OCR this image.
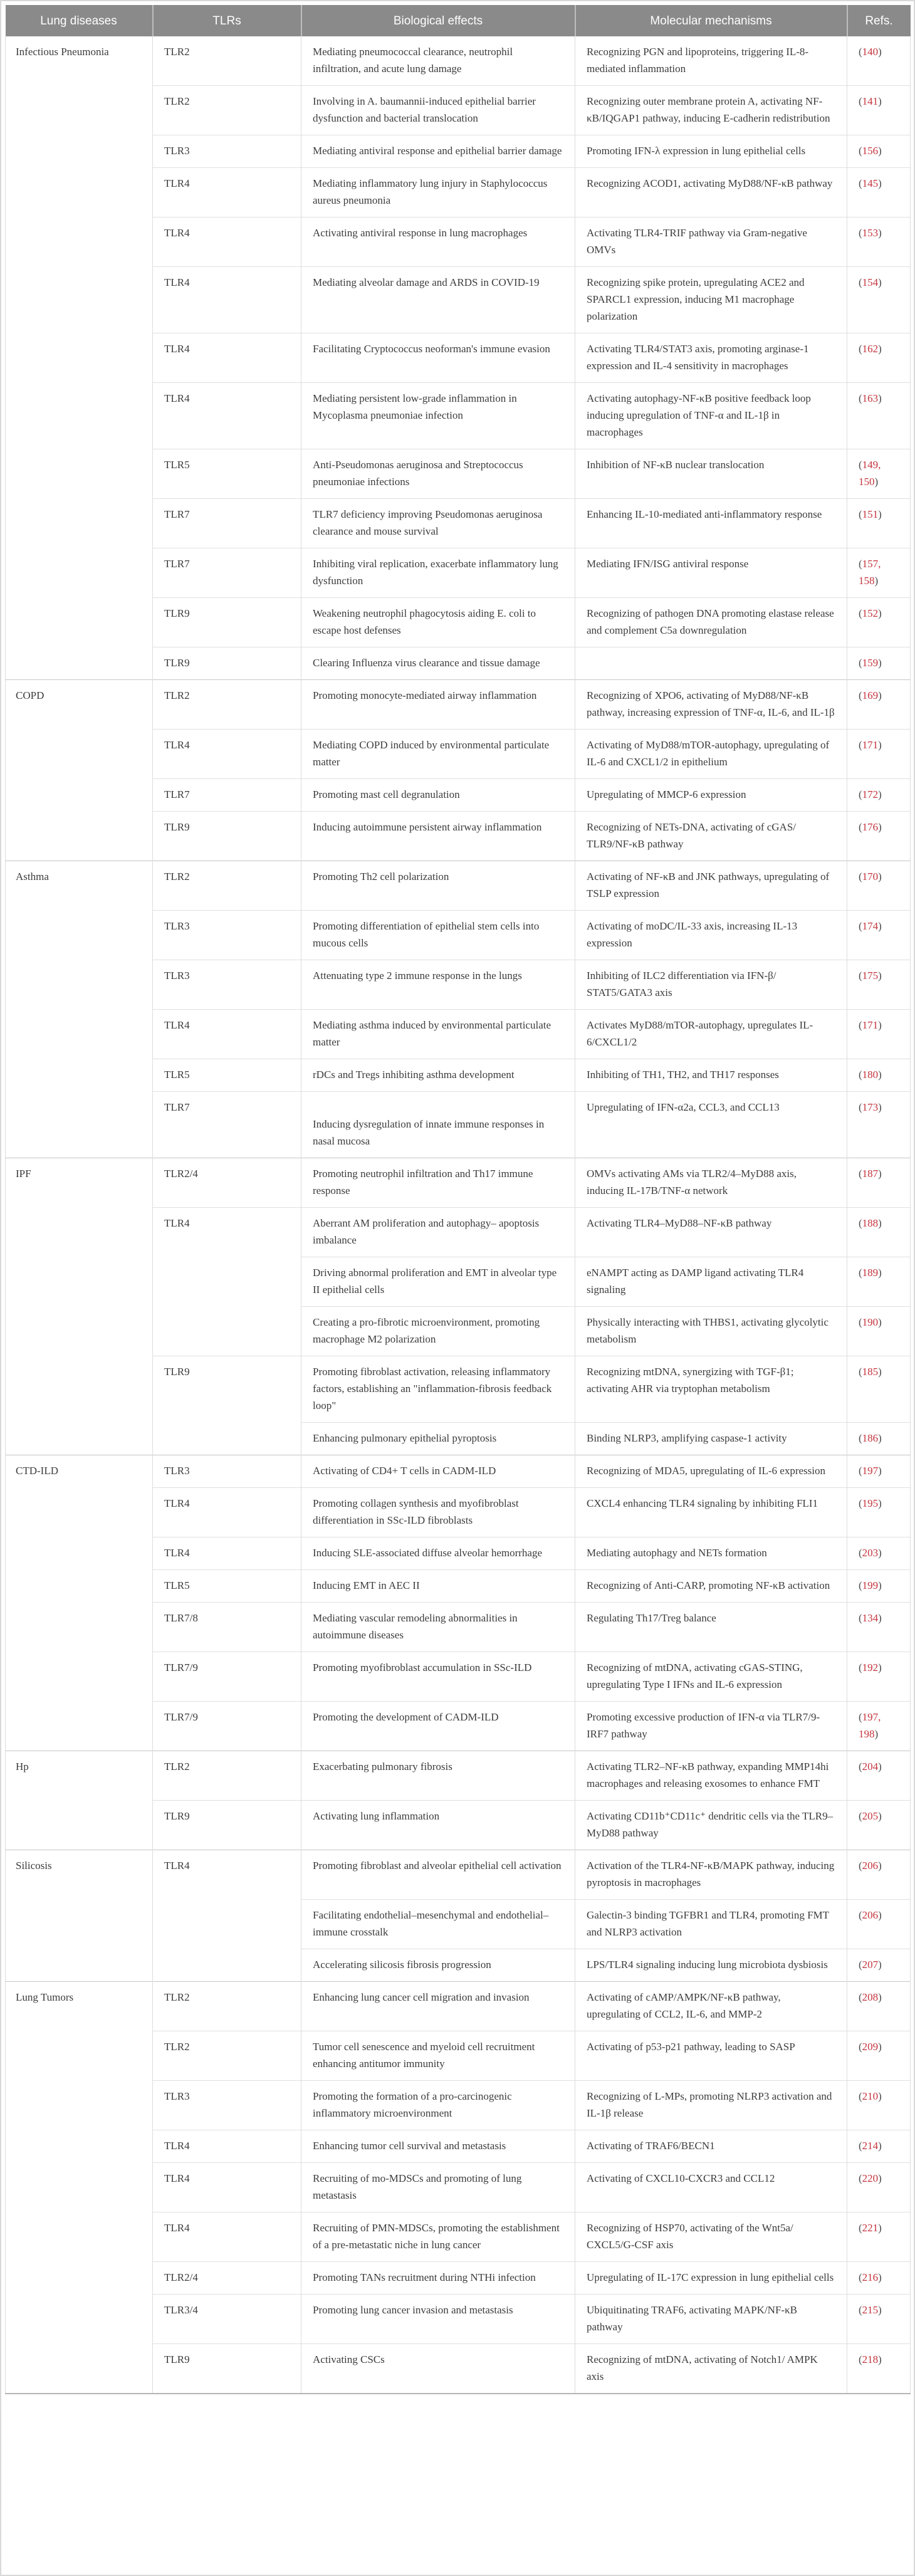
Lung diseases	TLRs	Biological effects	Molecular mechanisms	Refs.
Infectious Pneumonia	TLR2	Mediating pneumococcal clearance, neutrophil infiltration, and acute lung damage	Recognizing PGN and lipoproteins, triggering IL-8-mediated inflammation	(140)
	TLR2	Involving in A. baumannii-induced epithelial barrier dysfunction and bacterial translocation	Recognizing outer membrane protein A, activating NF-κB/IQGAP1 pathway, inducing E-cadherin redistribution	(141)
	TLR3	Mediating antiviral response and epithelial barrier damage	Promoting IFN-λ expression in lung epithelial cells	(156)
	TLR4	Mediating inflammatory lung injury in Staphylococcus aureus pneumonia	Recognizing ACOD1, activating MyD88/NF-κB pathway	(145)
	TLR4	Activating antiviral response in lung macrophages	Activating TLR4-TRIF pathway via Gram-negative OMVs	(153)
	TLR4	Mediating alveolar damage and ARDS in COVID-19	Recognizing spike protein, upregulating ACE2 and SPARCL1 expression, inducing M1 macrophage polarization	(154)
	TLR4	Facilitating Cryptococcus neoforman's immune evasion	Activating TLR4/STAT3 axis, promoting arginase-1 expression and IL-4 sensitivity in macrophages	(162)
	TLR4	Mediating persistent low-grade inflammation in Mycoplasma pneumoniae infection	Activating autophagy-NF-κB positive feedback loop inducing upregulation of TNF-α and IL-1β in macrophages	(163)
	TLR5	Anti-Pseudomonas aeruginosa and Streptococcus pneumoniae infections	Inhibition of NF-κB nuclear translocation	(149, 150)
	TLR7	TLR7 deficiency improving Pseudomonas aeruginosa clearance and mouse survival	Enhancing IL-10-mediated anti-inflammatory response	(151)
	TLR7	Inhibiting viral replication, exacerbate inflammatory lung dysfunction	Mediating IFN/ISG antiviral response	(157, 158)
	TLR9	Weakening neutrophil phagocytosis aiding E. coli to escape host defenses	Recognizing of pathogen DNA promoting elastase release and complement C5a downregulation	(152)
	TLR9	Clearing Influenza virus clearance and tissue damage		(159)
COPD	TLR2	Promoting monocyte-mediated airway inflammation	Recognizing of XPO6, activating of MyD88/NF-κB pathway, increasing expression of TNF-α, IL-6, and IL-1β	(169)
	TLR4	Mediating COPD induced by environmental particulate matter	Activating of MyD88/mTOR-autophagy, upregulating of IL-6 and CXCL1/2 in epithelium	(171)
	TLR7	Promoting mast cell degranulation	Upregulating of MMCP-6 expression	(172)
	TLR9	Inducing autoimmune persistent airway inflammation	Recognizing of NETs-DNA, activating of cGAS/ TLR9/NF-κB pathway	(176)
Asthma	TLR2	Promoting Th2 cell polarization	Activating of NF-κB and JNK pathways, upregulating of TSLP expression	(170)
	TLR3	Promoting differentiation of epithelial stem cells into mucous cells	Activating of moDC/IL-33 axis, increasing IL-13 expression	(174)
	TLR3	Attenuating type 2 immune response in the lungs	Inhibiting of ILC2 differentiation via IFN-β/ STAT5/GATA3 axis	(175)
	TLR4	Mediating asthma induced by environmental particulate matter	Activates MyD88/mTOR-autophagy, upregulates IL-6/CXCL1/2	(171)
	TLR5	rDCs and Tregs inhibiting asthma development	Inhibiting of TH1, TH2, and TH17 responses	(180)
	TLR7	Inducing dysregulation of innate immune responses in nasal mucosa	Upregulating of IFN-α2a, CCL3, and CCL13	(173)
IPF	TLR2/4	Promoting neutrophil infiltration and Th17 immune response	OMVs activating AMs via TLR2/4–MyD88 axis, inducing IL-17B/TNF-α network	(187)
	TLR4	Aberrant AM proliferation and autophagy– apoptosis imbalance	Activating TLR4–MyD88–NF-κB pathway	(188)
		Driving abnormal proliferation and EMT in alveolar type II epithelial cells	eNAMPT acting as DAMP ligand activating TLR4 signaling	(189)
		Creating a pro-fibrotic microenvironment, promoting macrophage M2 polarization	Physically interacting with THBS1, activating glycolytic metabolism	(190)
	TLR9	Promoting fibroblast activation, releasing inflammatory factors, establishing an "inflammation-fibrosis feedback loop"	Recognizing mtDNA, synergizing with TGF-β1; activating AHR via tryptophan metabolism	(185)
		Enhancing pulmonary epithelial pyroptosis	Binding NLRP3, amplifying caspase-1 activity	(186)
CTD-ILD	TLR3	Activating of CD4+ T cells in CADM-ILD	Recognizing of MDA5, upregulating of IL-6 expression	(197)
	TLR4	Promoting collagen synthesis and myofibroblast differentiation in SSc-ILD fibroblasts	CXCL4 enhancing TLR4 signaling by inhibiting FLI1	(195)
	TLR4	Inducing SLE-associated diffuse alveolar hemorrhage	Mediating autophagy and NETs formation	(203)
	TLR5	Inducing EMT in AEC II	Recognizing of Anti-CARP, promoting NF-κB activation	(199)
	TLR7/8	Mediating vascular remodeling abnormalities in autoimmune diseases	Regulating Th17/Treg balance	(134)
	TLR7/9	Promoting myofibroblast accumulation in SSc-ILD	Recognizing of mtDNA, activating cGAS-STING, upregulating Type I IFNs and IL-6 expression	(192)
	TLR7/9	Promoting the development of CADM-ILD	Promoting excessive production of IFN-α via TLR7/9-IRF7 pathway	(197, 198)
Hp	TLR2	Exacerbating pulmonary fibrosis	Activating TLR2–NF-κB pathway, expanding MMP14hi macrophages and releasing exosomes to enhance FMT	(204)
	TLR9	Activating lung inflammation	Activating CD11b⁺CD11c⁺ dendritic cells via the TLR9–MyD88 pathway	(205)
Silicosis	TLR4	Promoting fibroblast and alveolar epithelial cell activation	Activation of the TLR4-NF-κB/MAPK pathway, inducing pyroptosis in macrophages	(206)
		Facilitating endothelial–mesenchymal and endothelial–immune crosstalk	Galectin-3 binding TGFBR1 and TLR4, promoting FMT and NLRP3 activation	(206)
		Accelerating silicosis fibrosis progression	LPS/TLR4 signaling inducing lung microbiota dysbiosis	(207)
Lung Tumors	TLR2	Enhancing lung cancer cell migration and invasion	Activating of cAMP/AMPK/NF-κB pathway, upregulating of CCL2, IL-6, and MMP-2	(208)
	TLR2	Tumor cell senescence and myeloid cell recruitment enhancing antitumor immunity	Activating of p53-p21 pathway, leading to SASP	(209)
	TLR3	Promoting the formation of a pro-carcinogenic inflammatory microenvironment	Recognizing of L-MPs, promoting NLRP3 activation and IL-1β release	(210)
	TLR4	Enhancing tumor cell survival and metastasis	Activating of TRAF6/BECN1	(214)
	TLR4	Recruiting of mo-MDSCs and promoting of lung metastasis	Activating of CXCL10-CXCR3 and CCL12	(220)
	TLR4	Recruiting of PMN-MDSCs, promoting the establishment of a pre-metastatic niche in lung cancer	Recognizing of HSP70, activating of the Wnt5a/ CXCL5/G-CSF axis	(221)
	TLR2/4	Promoting TANs recruitment during NTHi infection	Upregulating of IL-17C expression in lung epithelial cells	(216)
	TLR3/4	Promoting lung cancer invasion and metastasis	Ubiquitinating TRAF6, activating MAPK/NF-κB pathway	(215)
	TLR9	Activating CSCs	Recognizing of mtDNA, activating of Notch1/ AMPK axis	(218)
